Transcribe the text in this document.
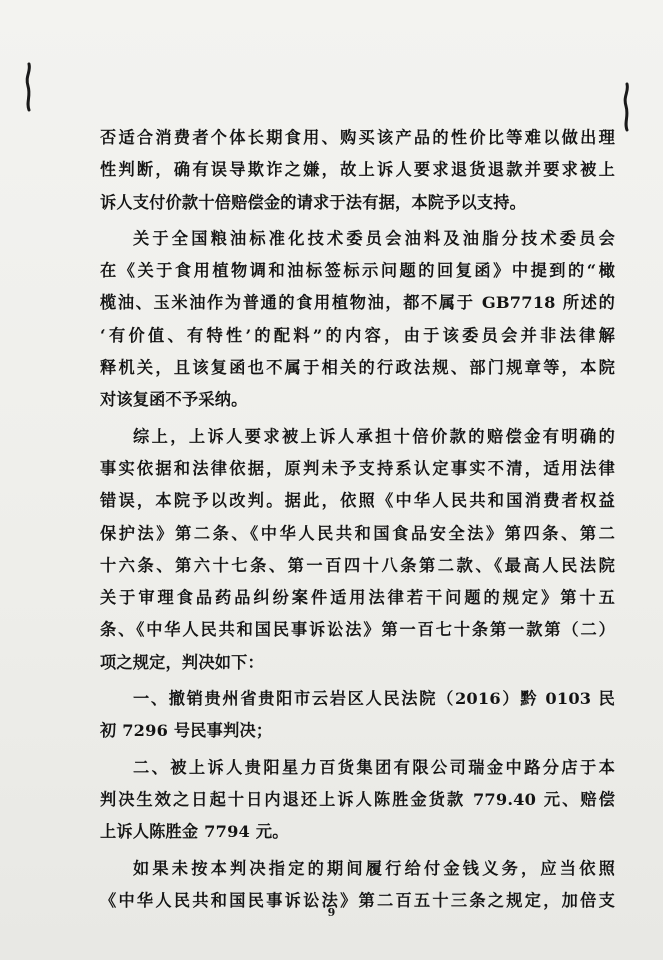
否适合消费者个体长期食用、购买该产品的性价比等难以做出理
性判断，确有误导欺诈之嫌，故上诉人要求退货退款并要求被上
诉人支付价款十倍赔偿金的请求于法有据，本院予以支持。
关于全国粮油标准化技术委员会油料及油脂分技术委员会
在《关于食用植物调和油标签标示问题的回复函》中提到的“橄
榄油、玉米油作为普通的食用植物油，都不属于 GB7718 所述的
‘有价值、有特性’的配料”的内容，由于该委员会并非法律解
释机关，且该复函也不属于相关的行政法规、部门规章等，本院
对该复函不予采纳。
综上，上诉人要求被上诉人承担十倍价款的赔偿金有明确的
事实依据和法律依据，原判未予支持系认定事实不清，适用法律
错误，本院予以改判。据此，依照《中华人民共和国消费者权益
保护法》第二条、《中华人民共和国食品安全法》第四条、第二
十六条、第六十七条、第一百四十八条第二款、《最高人民法院
关于审理食品药品纠纷案件适用法律若干问题的规定》第十五
条、《中华人民共和国民事诉讼法》第一百七十条第一款第（二）
项之规定，判决如下：
一、撤销贵州省贵阳市云岩区人民法院（2016）黔 0103 民
初 7296 号民事判决；
二、被上诉人贵阳星力百货集团有限公司瑞金中路分店于本
判决生效之日起十日内退还上诉人陈胜金货款 779.40 元、赔偿
上诉人陈胜金 7794 元。
如果未按本判决指定的期间履行给付金钱义务，应当依照
《中华人民共和国民事诉讼法》第二百五十三条之规定，加倍支
9
